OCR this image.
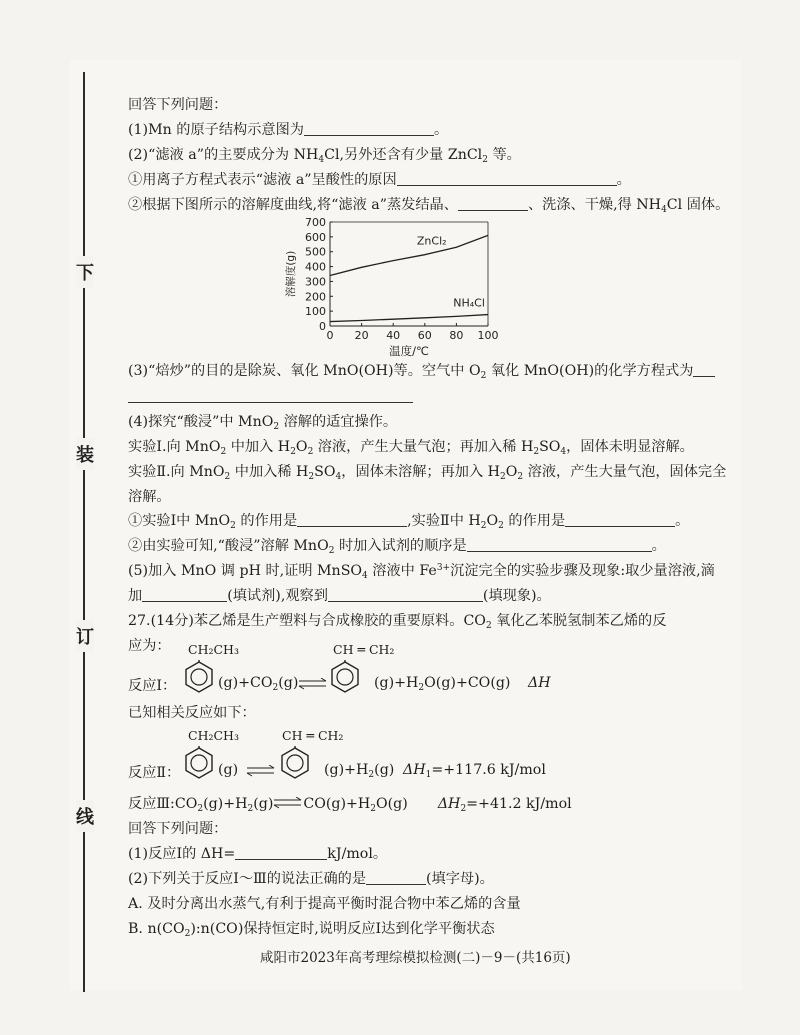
下
装
订
线
回答下列问题：
(1)Mn 的原子结构示意图为	。
(2)“滤液 a”的主要成分为 $NH_4Cl$,另外还含有少量 ZnCl$_2$ 等。
①用离子方程式表示“滤液 a”呈酸性的原因	。
②根据下图所示的溶解度曲线,将“滤液 a”蒸发结晶、	、洗涤、干燥,得 $NH_4Cl$ 固体。
0 20 40 60 80 100
0
100
200
300
400
500
600
700
ZnCl₂
NH₄Cl
温度/℃
溶解度(g)
(3)“焙炒”的目的是除炭、氧化 MnO(OH)等。空气中 $O_2$ 氧化 MnO(OH)的化学方程式为
(4)探究“酸浸”中 MnO$_2$ 溶解的适宜操作。
实验Ⅰ.向 MnO$_2$ 中加入 $H_2O_2$ 溶液，产生大量气泡；再加入稀 $H_2SO_4$，固体未明显溶解。
实验Ⅱ.向 MnO$_2$ 中加入稀 $H_2SO_4$，固体未溶解；再加入 $H_2O_2$ 溶液，产生大量气泡，固体完全
溶解。
①实验Ⅰ中 MnO$_2$ 的作用是	,实验Ⅱ中 $H_2O_2$ 的作用是	。
②由实验可知,“酸浸”溶解 MnO$_2$ 时加入试剂的顺序是	。
(5)加入 MnO 调 pH 时,证明 MnSO$_4$ 溶液中 $Fe^{3+}$沉淀完全的实验步骤及现象:取少量溶液,滴
加	(填试剂),观察到	(填现象)。
27.(14分)苯乙烯是生产塑料与合成橡胶的重要原料。$CO_2$ 氧化乙苯脱氢制苯乙烯的反
应为：
反应Ⅰ：
CH₂CH₃
$(g)+CO_2(g)$ ⇌
CH ═ CH₂
$(g)+H_2O(g)+CO(g)$ ΔH
已知相关反应如下：
反应Ⅱ：
CH₂CH₃
(g) ⇌
CH ═ CH₂
$(g)+H_2(g)$ $\Delta H_1=+117.6$ kJ/mol
反应$Ⅲ:CO_2(g)+H_2(g)\rightleftharpoons CO(g)+H_2O(g)$ $\Delta H_2=+41.2$ kJ/mol
回答下列问题：
(1)反应Ⅰ的 ΔH=	kJ/mol。
(2)下列关于反应Ⅰ～Ⅲ的说法正确的是	(填字母)。
A. 及时分离出水蒸气,有利于提高平衡时混合物中苯乙烯的含量
B. $n(CO_2):n(CO)$保持恒定时,说明反应Ⅰ达到化学平衡状态
咸阳市2023年高考理综模拟检测(二)－9－(共16页)
